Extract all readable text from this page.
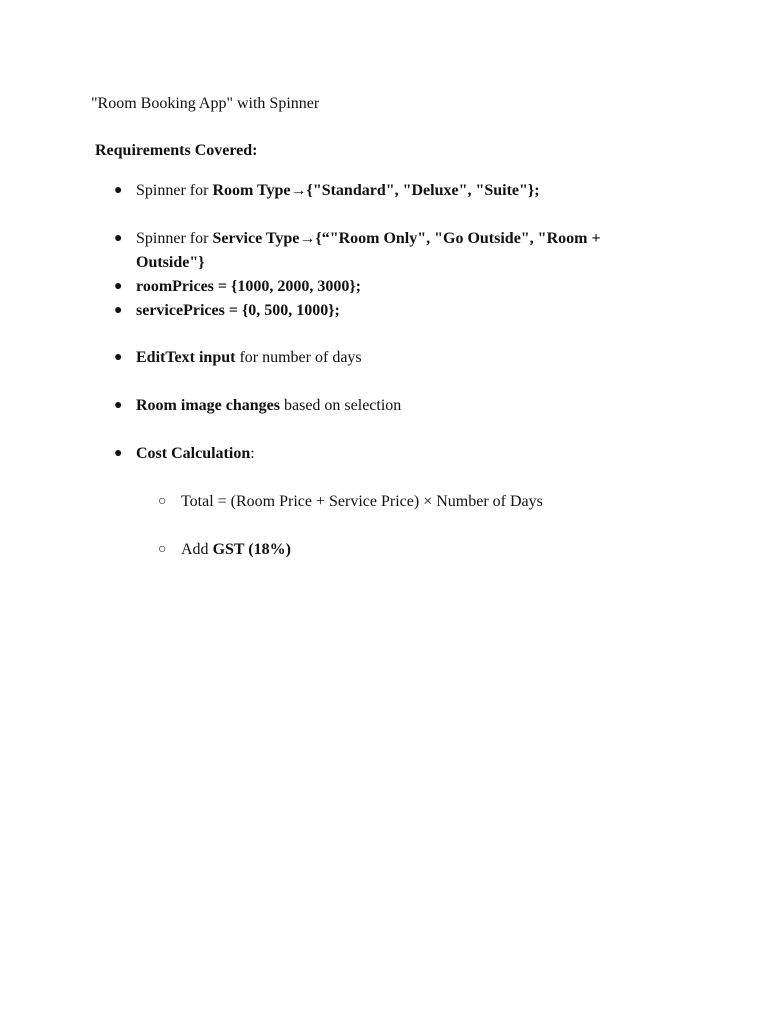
"Room Booking App" with Spinner
Requirements Covered:
● Spinner for Room Type→{"Standard", "Deluxe", "Suite"};
● Spinner for Service Type→{“"Room Only", "Go Outside", "Room +
Outside"}
● roomPrices = {1000, 2000, 3000};
● servicePrices = {0, 500, 1000};
● EditText input for number of days
● Room image changes based on selection
● Cost Calculation:
○ Total = (Room Price + Service Price) × Number of Days
○ Add GST (18%)
